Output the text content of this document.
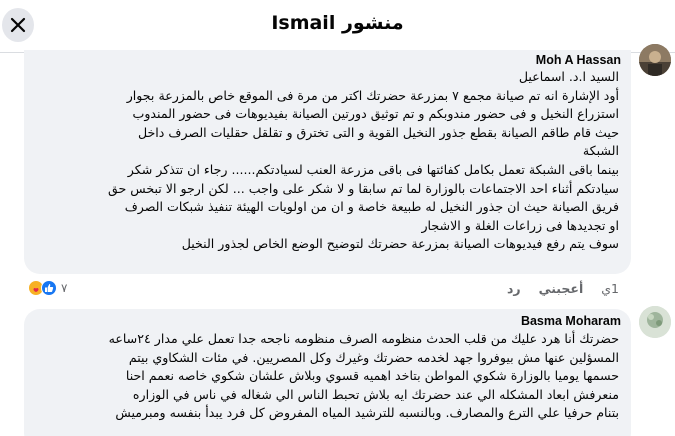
منشور Ismail
Moh A Hassan
السيد ا.د. اسماعيل
أود الإشارة انه تم صيانة مجمع ٧ بمزرعة حضرتك اكتر من مرة فى الموقع خاص بالمزرعة بجوار
استزراع النخيل و فى حضور مندوبكم و تم توثيق دورتين الصيانة بفيديوهات فى حضور المندوب
حيث قام طاقم الصيانة بقطع جذور النخيل القوية و التى تخترق و تقلقل حقليات الصرف داخل
الشبكة
بينما باقى الشبكة تعمل بكامل كفائتها فى باقى مزرعة العنب لسيادتكم...... رجاء ان تتذكر شكر
سيادتكم أثناء احد الاجتماعات بالوزارة لما تم سابقا و لا شكر على واجب ... لكن ارجو الا تبخس حق
فريق الصيانة حيث ان جذور النخيل له طبيعة خاصة و ان من اولويات الهيئة تنفيذ شبكات الصرف
او تجديدها فى زراعات الغلة و الاشجار
سوف يتم رفع فيديوهات الصيانة بمزرعة حضرتك لتوضيح الوضع الخاص لجذور النخيل
٧	1ي
أعجبني
رد
Basma Moharam
حضرتك أنا هرد عليك من قلب الحدث منظومه الصرف منظومه ناجحه جدا تعمل علي مدار ٢٤ساعه
المسؤلين عنها مش بيوفروا جهد لخدمه حضرتك وغيرك وكل المصريين. في مئات الشكاوي بيتم
حسمها يوميا بالوزارة شكوي المواطن بتاخد اهميه قسوي وبلاش علشان شكوي خاصه نعمم احنا
منعرفش ابعاد المشكله الي عند حضرتك ايه بلاش تحبط الناس الي شغاله في ناس في الوزاره
بتنام حرفيا علي الترع والمصارف. وبالنسبه للترشيد المياه المفروض كل فرد يبدأ بنفسه ومبرميش
